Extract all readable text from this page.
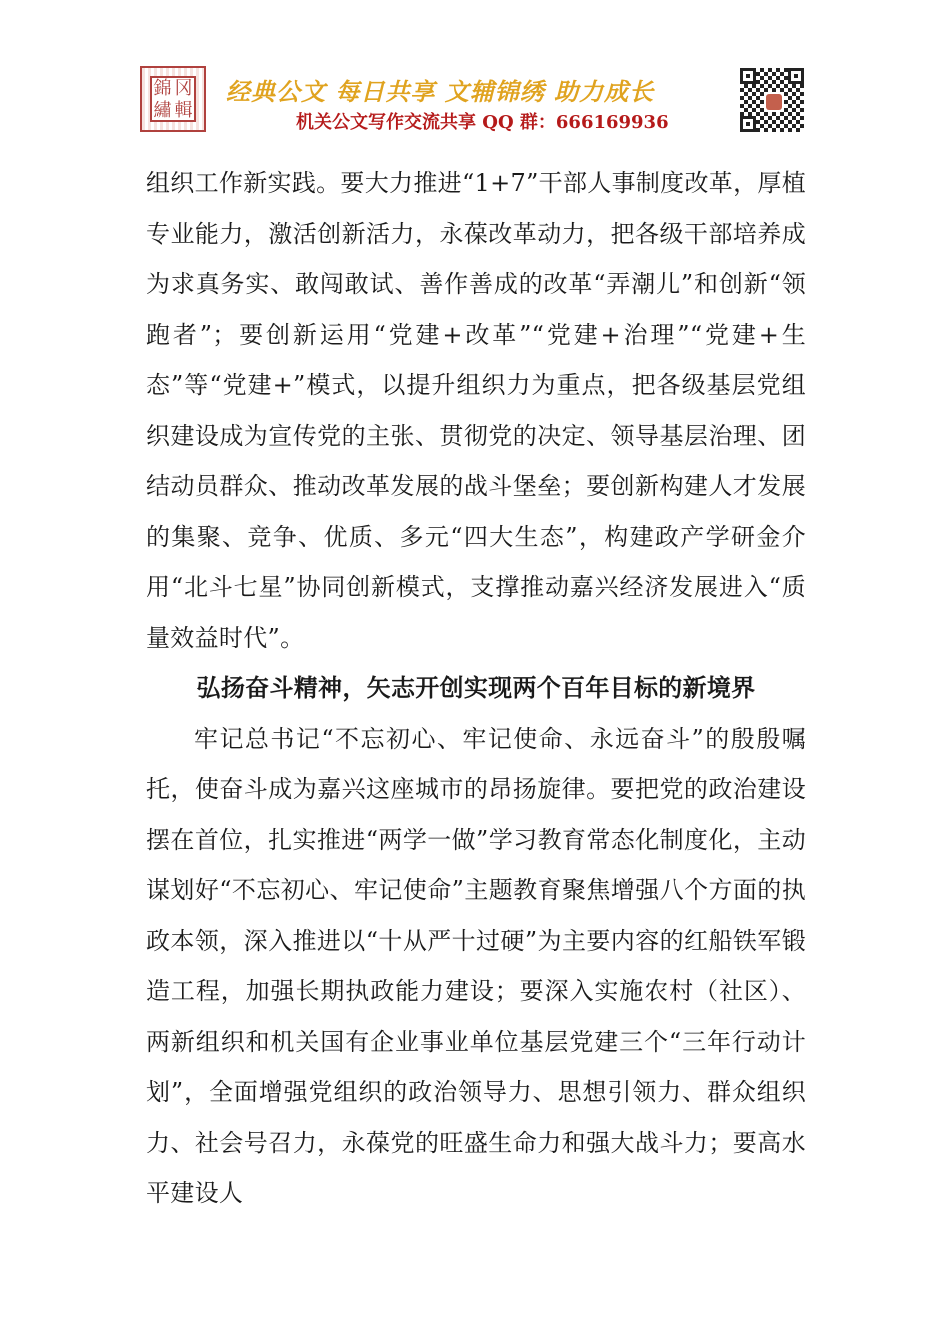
錦 冈
繡 輯
经典公文 每日共享 文辅锦绣 助力成长
机关公文写作交流共享 QQ 群：666169936

组织工作新实践。要大力推进“1+7”干部人事制度改革，厚植专业能力，激活创新活力，永葆改革动力，把各级干部培养成为求真务实、敢闯敢试、善作善成的改革“弄潮儿”和创新“领跑者”；要创新运用“党建+改革”“党建+治理”“党建+生态”等“党建+”模式，以提升组织力为重点，把各级基层党组织建设成为宣传党的主张、贯彻党的决定、领导基层治理、团结动员群众、推动改革发展的战斗堡垒；要创新构建人才发展的集聚、竞争、优质、多元“四大生态”，构建政产学研金介用“北斗七星”协同创新模式，支撑推动嘉兴经济发展进入“质量效益时代”。

弘扬奋斗精神，矢志开创实现两个百年目标的新境界

牢记总书记“不忘初心、牢记使命、永远奋斗”的殷殷嘱托，使奋斗成为嘉兴这座城市的昂扬旋律。要把党的政治建设摆在首位，扎实推进“两学一做”学习教育常态化制度化，主动谋划好“不忘初心、牢记使命”主题教育聚焦增强八个方面的执政本领，深入推进以“十从严十过硬”为主要内容的红船铁军锻造工程，加强长期执政能力建设；要深入实施农村（社区）、两新组织和机关国有企业事业单位基层党建三个“三年行动计划”，全面增强党组织的政治领导力、思想引领力、群众组织力、社会号召力，永葆党的旺盛生命力和强大战斗力；要高水平建设人
